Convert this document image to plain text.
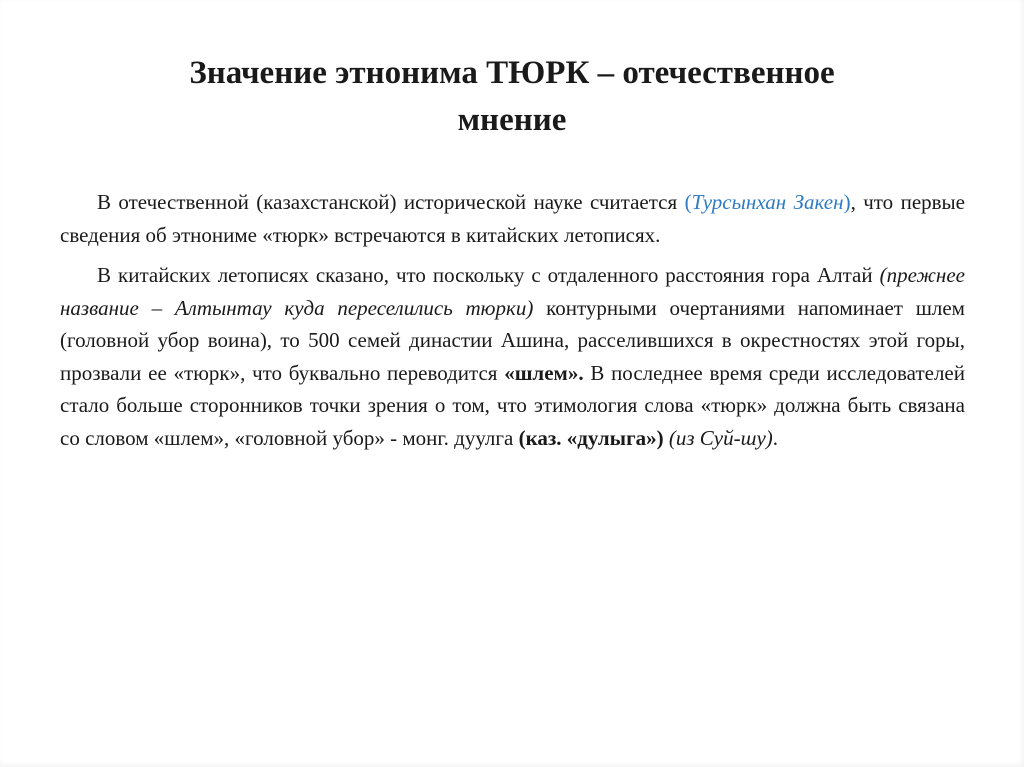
Значение этнонима ТЮРК – отечественное
мнение

В отечественной (казахстанской) исторической науке считается (Турсынхан Закен), что первые сведения об этнониме «тюрк» встречаются в китайских летописях.

В китайских летописях сказано, что поскольку с отдаленного расстояния гора Алтай (прежнее название – Алтынтау куда переселились тюрки) контурными очертаниями напоминает шлем (головной убор воина), то 500 семей династии Ашина, расселившихся в окрестностях этой горы, прозвали ее «тюрк», что буквально переводится «шлем». В последнее время среди исследователей стало больше сторонников точки зрения о том, что этимология слова «тюрк» должна быть связана со словом «шлем», «головной убор» - монг. дуулга (каз. «дулыга») (из Суй-шу).
